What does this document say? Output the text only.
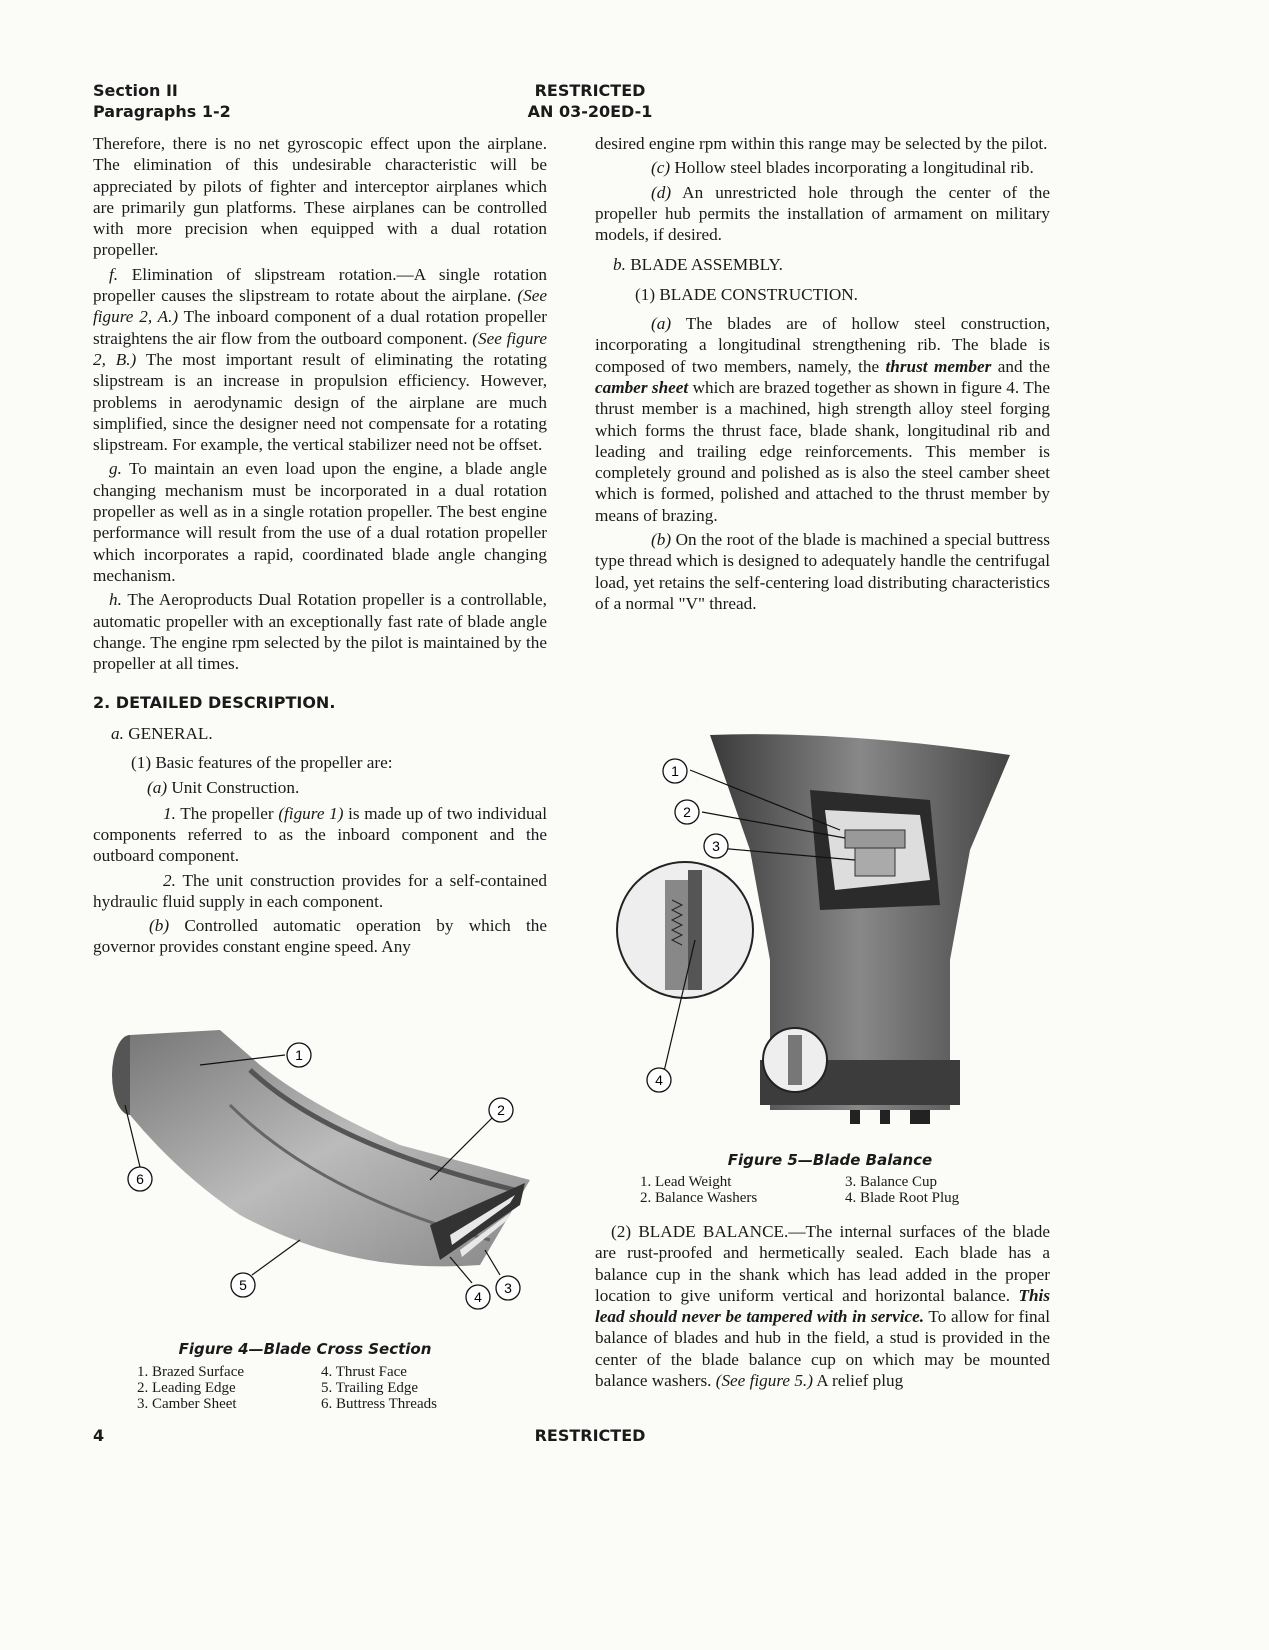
Section II
Paragraphs 1-2
RESTRICTED
AN 03-20ED-1

Therefore, there is no net gyroscopic effect upon the airplane. The elimination of this undesirable characteristic will be appreciated by pilots of fighter and interceptor airplanes which are primarily gun platforms. These airplanes can be controlled with more precision when equipped with a dual rotation propeller.

f. Elimination of slipstream rotation.—A single rotation propeller causes the slipstream to rotate about the airplane. (See figure 2, A.) The inboard component of a dual rotation propeller straightens the air flow from the outboard component. (See figure 2, B.) The most important result of eliminating the rotating slipstream is an increase in propulsion efficiency. However, problems in aerodynamic design of the airplane are much simplified, since the designer need not compensate for a rotating slipstream. For example, the vertical stabilizer need not be offset.

g. To maintain an even load upon the engine, a blade angle changing mechanism must be incorporated in a dual rotation propeller as well as in a single rotation propeller. The best engine performance will result from the use of a dual rotation propeller which incorporates a rapid, coordinated blade angle changing mechanism.

h. The Aeroproducts Dual Rotation propeller is a controllable, automatic propeller with an exceptionally fast rate of blade angle change. The engine rpm selected by the pilot is maintained by the propeller at all times.

2. DETAILED DESCRIPTION.

a. GENERAL.

(1) Basic features of the propeller are:

(a) Unit Construction.

1. The propeller (figure 1) is made up of two individual components referred to as the inboard component and the outboard component.

2. The unit construction provides for a self-contained hydraulic fluid supply in each component.

(b) Controlled automatic operation by which the governor provides constant engine speed. Any

desired engine rpm within this range may be selected by the pilot.

(c) Hollow steel blades incorporating a longitudinal rib.

(d) An unrestricted hole through the center of the propeller hub permits the installation of armament on military models, if desired.

b. BLADE ASSEMBLY.

(1) BLADE CONSTRUCTION.

(a) The blades are of hollow steel construction, incorporating a longitudinal strengthening rib. The blade is composed of two members, namely, the thrust member and the camber sheet which are brazed together as shown in figure 4. The thrust member is a machined, high strength alloy steel forging which forms the thrust face, blade shank, longitudinal rib and leading and trailing edge reinforcements. This member is completely ground and polished as is also the steel camber sheet which is formed, polished and attached to the thrust member by means of brazing.

(b) On the root of the blade is machined a special buttress type thread which is designed to adequately handle the centrifugal load, yet retains the self-centering load distributing characteristics of a normal "V" thread.

(2) BLADE BALANCE.—The internal surfaces of the blade are rust-proofed and hermetically sealed. Each blade has a balance cup in the shank which has lead added in the proper location to give uniform vertical and horizontal balance. This lead should never be tampered with in service. To allow for final balance of blades and hub in the field, a stud is provided in the center of the blade balance cup on which may be mounted balance washers. (See figure 5.) A relief plug

1
2
3
4
5
6
1
2
3
4
Figure 4—Blade Cross Section
1. Brazed Surface
2. Leading Edge
3. Camber Sheet
4. Thrust Face
5. Trailing Edge
6. Buttress Threads
Figure 5—Blade Balance
1. Lead Weight
2. Balance Washers
3. Balance Cup
4. Blade Root Plug
4	RESTRICTED
